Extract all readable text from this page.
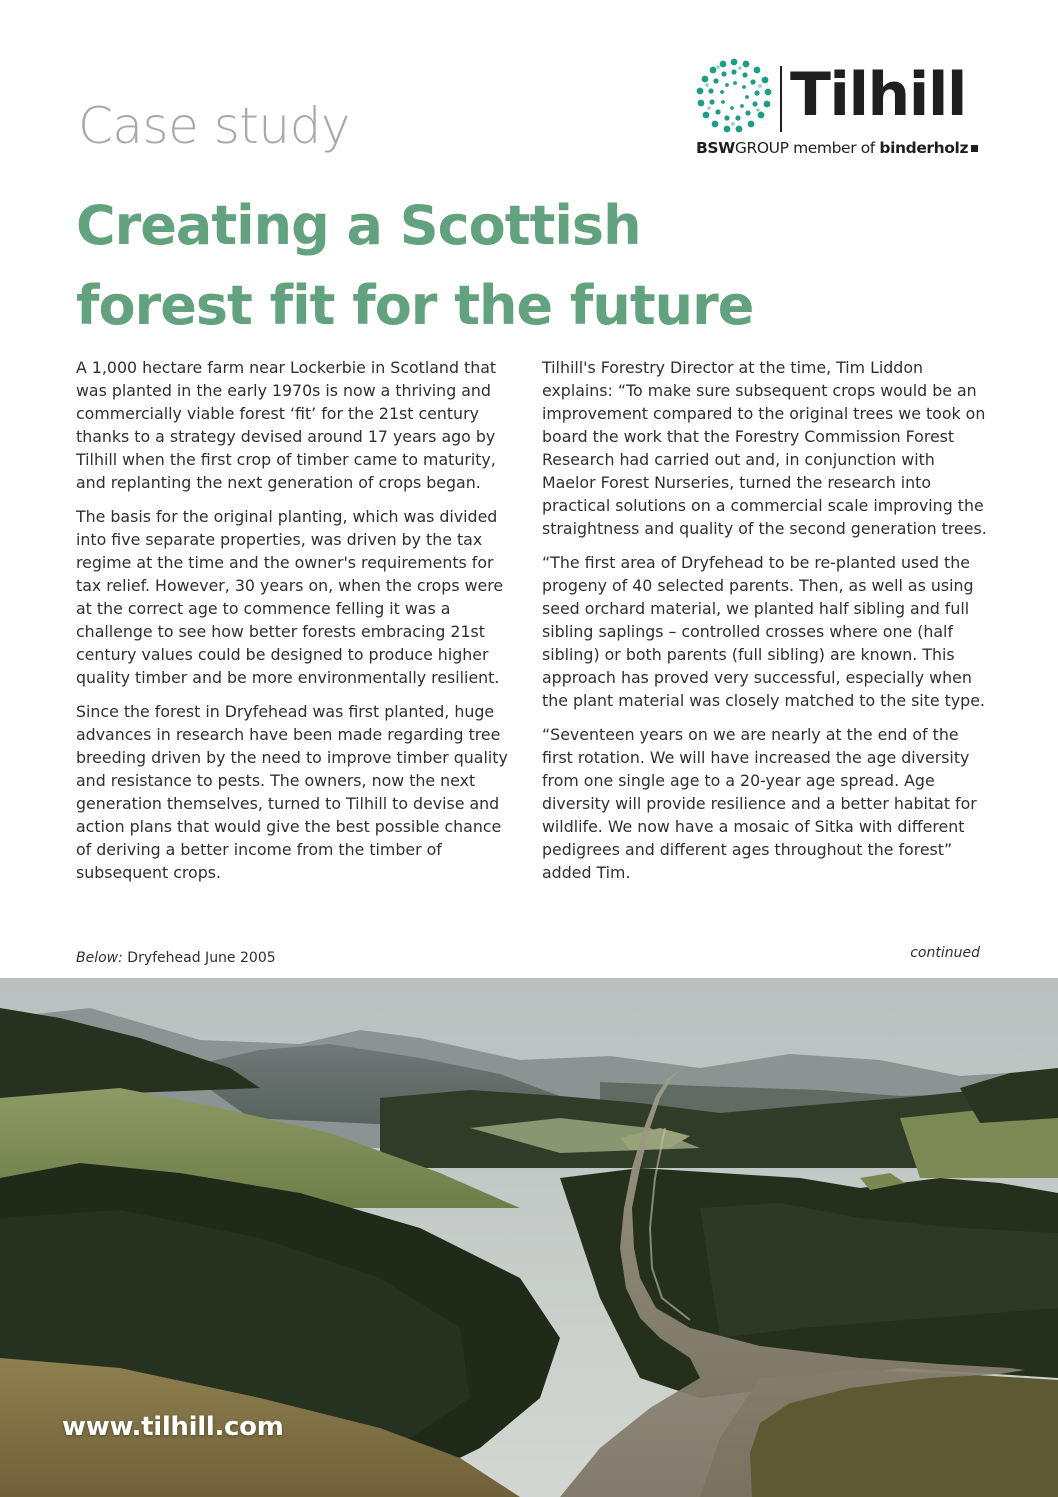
Case study
Creating a Scottish
forest fit for the future
Tilhill
BSWGROUP member of binderholz

A 1,000 hectare farm near Lockerbie in Scotland that was planted in the early 1970s is now a thriving and commercially viable forest ‘fit’ for the 21st century thanks to a strategy devised around 17 years ago by Tilhill when the first crop of timber came to maturity, and replanting the next generation of crops began.

The basis for the original planting, which was divided into five separate properties, was driven by the tax regime at the time and the owner's requirements for tax relief. However, 30 years on, when the crops were at the correct age to commence felling it was a challenge to see how better forests embracing 21st century values could be designed to produce higher quality timber and be more environmentally resilient.

Since the forest in Dryfehead was first planted, huge advances in research have been made regarding tree breeding driven by the need to improve timber quality and resistance to pests. The owners, now the next generation themselves, turned to Tilhill to devise and action plans that would give the best possible chance of deriving a better income from the timber of subsequent crops.

Tilhill's Forestry Director at the time, Tim Liddon explains: “To make sure subsequent crops would be an improvement compared to the original trees we took on board the work that the Forestry Commission Forest Research had carried out and, in conjunction with Maelor Forest Nurseries, turned the research into practical solutions on a commercial scale improving the straightness and quality of the second generation trees.

“The first area of Dryfehead to be re-planted used the progeny of 40 selected parents. Then, as well as using seed orchard material, we planted half sibling and full sibling saplings – controlled crosses where one (half sibling) or both parents (full sibling) are known. This approach has proved very successful, especially when the plant material was closely matched to the site type.

“Seventeen years on we are nearly at the end of the first rotation. We will have increased the age diversity from one single age to a 20-year age spread. Age diversity will provide resilience and a better habitat for wildlife. We now have a mosaic of Sitka with different pedigrees and different ages throughout the forest” added Tim.

Below: Dryfehead June 2005	continued
www.tilhill.com
